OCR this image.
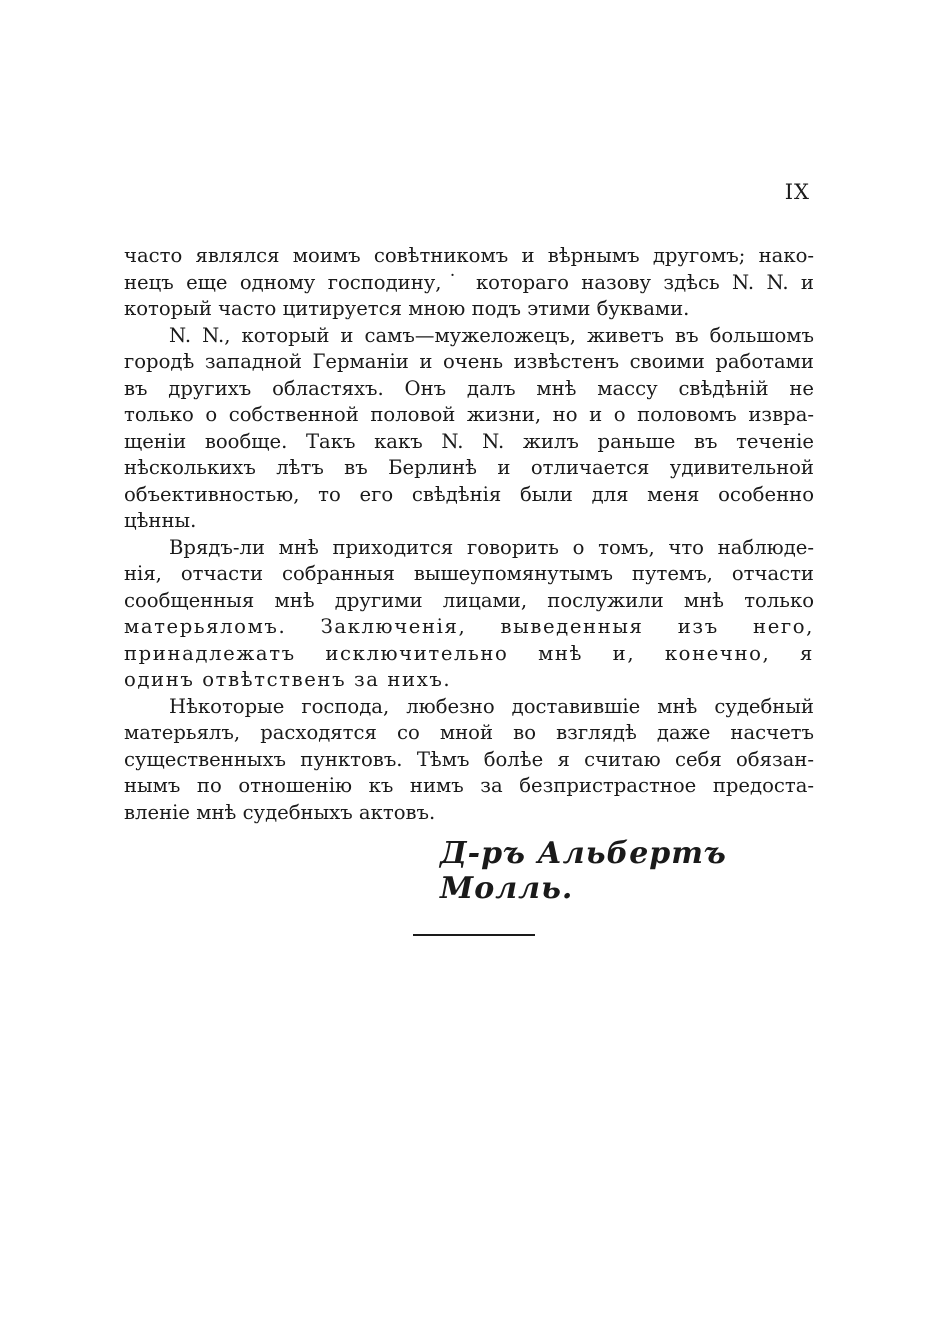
IX
часто являлся моимъ совѣтникомъ и вѣрнымъ другомъ; нако-
нецъ еще одному господину,˙ котораго назову здѣсь N. N. и
который часто цитируется мною подъ этими буквами.
N. N., который и самъ—мужеложецъ, живетъ въ большомъ
городѣ западной Германіи и очень извѣстенъ своими работами
въ другихъ областяхъ. Онъ далъ мнѣ массу свѣдѣній не
только о собственной половой жизни, но и о половомъ извра-
щеніи вообще. Такъ какъ N. N. жилъ раньше въ теченіе
нѣсколькихъ лѣтъ въ Берлинѣ и отличается удивительной
объективностью, то его свѣдѣнія были для меня особенно
цѣнны.
Врядъ-ли мнѣ приходится говорить о томъ, что наблюде-
нія, отчасти собранныя вышеупомянутымъ путемъ, отчасти
сообщенныя мнѣ другими лицами, послужили мнѣ только
матерьяломъ. Заключенія, выведенныя изъ него,
принадлежатъ исключительно мнѣ и, конечно, я
одинъ отвѣтственъ за нихъ.
Нѣкоторые господа, любезно доставившіе мнѣ судебный
матерьялъ, расходятся со мной во взглядѣ даже насчетъ
существенныхъ пунктовъ. Тѣмъ болѣе я считаю себя обязан-
нымъ по отношенію къ нимъ за безпристрастное предоста-
вленіе мнѣ судебныхъ актовъ.
Д-ръ Альбертъ Молль.
